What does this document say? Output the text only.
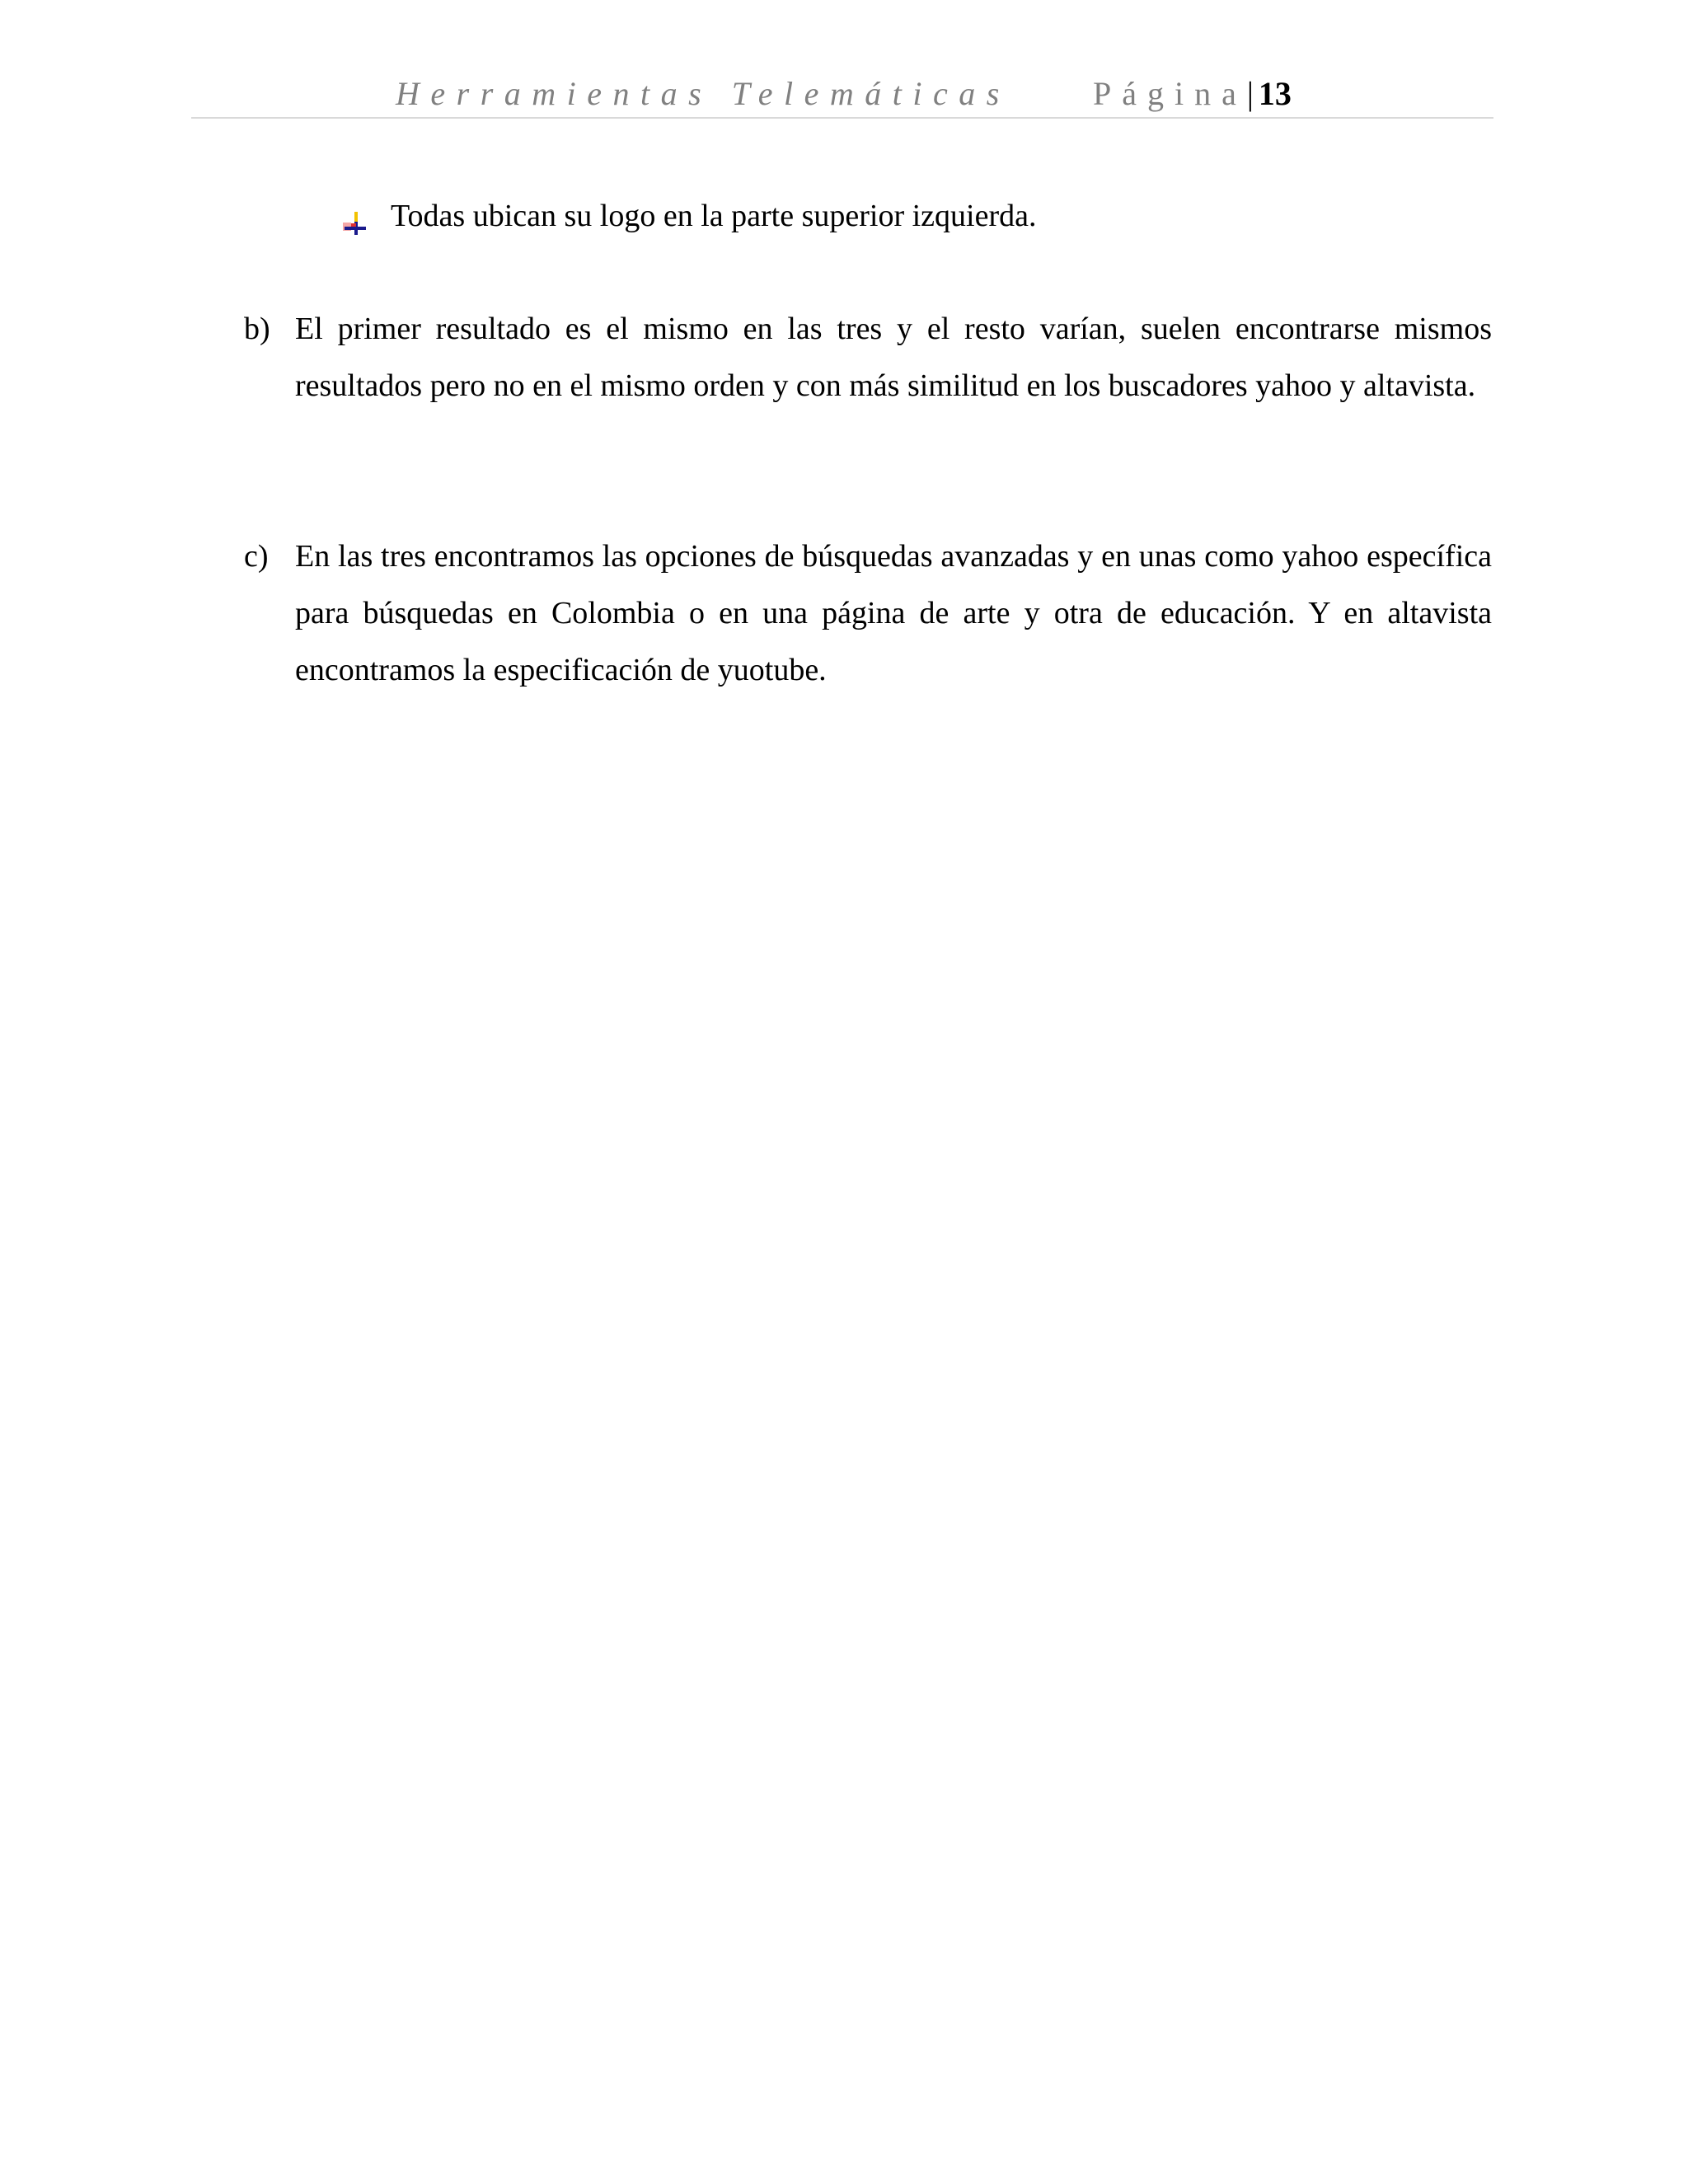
Herramientas Telemáticas	Página| 13
Todas ubican su logo en la parte superior izquierda.
b) El primer resultado es el mismo en las tres y el resto varían, suelen encontrarse mismos resultados pero no en el mismo orden y con más similitud en los buscadores yahoo y altavista.
c) En las tres encontramos las opciones de búsquedas avanzadas y en unas como yahoo específica para búsquedas en Colombia o en una página de arte y otra de educación. Y en altavista encontramos la especificación de yuotube.
